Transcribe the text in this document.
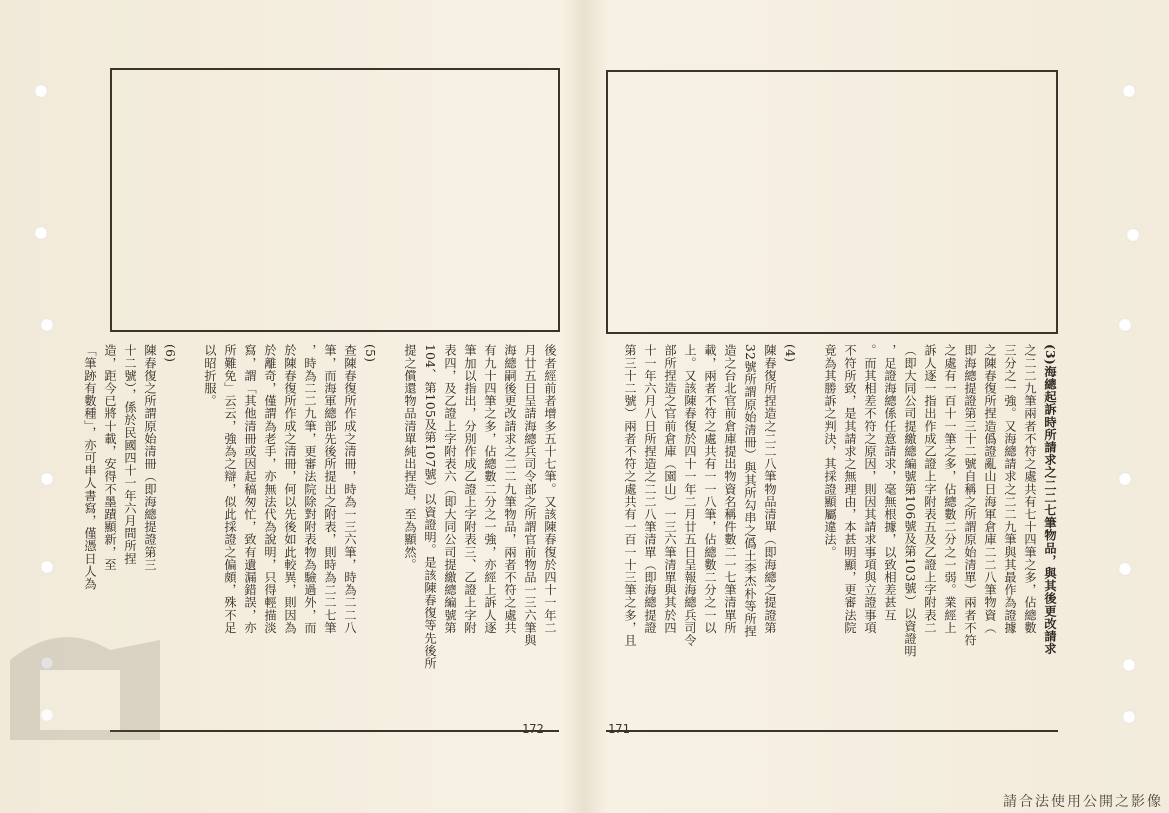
後者經前者增多五十七筆。又該陳春復於四十一年二
月廿五日呈請海總兵司令部之所謂官前物品一三六筆與
海總嗣後更改請求之二二九筆物品，兩者不符之處共
有九十四筆之多，佔總數二分之一強，亦經上訴人逐
筆加以指出，分別作成乙證上字附表三、乙證上字附
表四，及乙證上字附表六（即大同公司提繳總編號第
104、第105及第107號）以資證明。是該陳春復等先後所
提之償還物品清單純出捏造，至為顯然。
(5)
查陳春復所作成之清冊，時為一三六筆，時為二二八
筆，而海軍總部先後所提出之附表，則時為二二七筆
，時為二二九筆，更審法院除對附表物為驗過外，而
於陳春復所作成之清冊，何以先後如此較異，則因為
於離奇，僅謂為老手，亦無法代為說明，只得輕描淡
寫，謂「其他清冊或因起稿匆忙，致有遺漏錯誤，亦
所難免」云云，強為之辯，似此採證之偏頗，殊不足
以昭折服。
(6)
陳春復之所謂原始清冊（即海總提證第三
十二號），係於民國四十一年六月間所捏
造，距今已將十載，安得不墨蹟顯新，至
「筆跡有數種」，亦可串人書寫，僅憑日人為
172
(3)海總起訴時所請求之二二七筆物品，與其後更改請求
之二二九筆兩者不符之處共有七十四筆之多，佔總數
三分之一強。又海總請求之二二九筆與其最作為證據
之陳春復所捏造僞證亂山日海軍倉庫二二八筆物資（
即海總提證第三十二號自稱之所謂原始清單）兩者不符
之處有一百十一筆之多，佔總數二分之一弱。業經上
訴人逐一指出作成乙證上字附表五及乙證上字附表二
（即大同公司提繳總編號第106號及第103號）以資證明
，足證海總係任意請求，毫無根據，以致相差甚互
。而其相差不符之原因，則因其請求事項與立證事項
不符所致，是其請求之無理由，本甚明顯，更審法院
竟為其勝訴之判決，其採證顯屬違法。
(4)
陳春復所捏造之二二八筆物品清單（即海總之提證第
32號所謂原始清冊）與其所勾串之僞土李杰朴等所捏
造之台北官前倉庫提出物資名稱件數二一七筆清單所
載，兩者不符之處共有一一八筆，佔總數二分之一以
上。又該陳春復於四十一年二月廿五日呈報海總兵司令
部所捏造之官前倉庫（園山）一三六筆清單與其於四
十一年六月八日所捏造之二二八筆清單（即海總提證
第三十二號）兩者不符之處共有一百一十三筆之多，且
171
請合法使用公開之影像
